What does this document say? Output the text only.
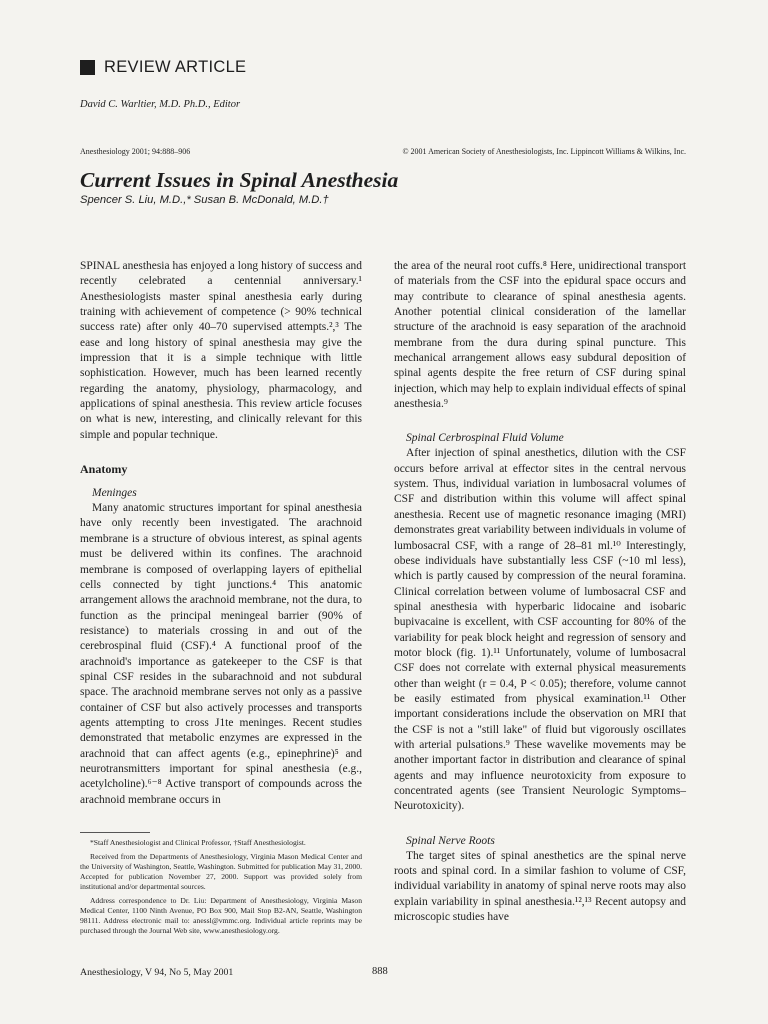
REVIEW ARTICLE
David C. Warltier, M.D. Ph.D., Editor
Anesthesiology 2001; 94:888–906	© 2001 American Society of Anesthesiologists, Inc. Lippincott Williams & Wilkins, Inc.
Current Issues in Spinal Anesthesia
Spencer S. Liu, M.D.,* Susan B. McDonald, M.D.†

SPINAL anesthesia has enjoyed a long history of success and recently celebrated a centennial anniversary.¹ Anesthesiologists master spinal anesthesia early during training with achievement of competence (> 90% technical success rate) after only 40–70 supervised attempts.²,³ The ease and long history of spinal anesthesia may give the impression that it is a simple technique with little sophistication. However, much has been learned recently regarding the anatomy, physiology, pharmacology, and applications of spinal anesthesia. This review article focuses on what is new, interesting, and clinically relevant for this simple and popular technique.

Anatomy

Meninges

Many anatomic structures important for spinal anesthesia have only recently been investigated. The arachnoid membrane is a structure of obvious interest, as spinal agents must be delivered within its confines. The arachnoid membrane is composed of overlapping layers of epithelial cells connected by tight junctions.⁴ This anatomic arrangement allows the arachnoid membrane, not the dura, to function as the principal meningeal barrier (90% of resistance) to materials crossing in and out of the cerebrospinal fluid (CSF).⁴ A functional proof of the arachnoid's importance as gatekeeper to the CSF is that spinal CSF resides in the subarachnoid and not subdural space. The arachnoid membrane serves not only as a passive container of CSF but also actively processes and transports agents attempting to cross J1te meninges. Recent studies demonstrated that metabolic enzymes are expressed in the arachnoid that can affect agents (e.g., epinephrine)⁵ and neurotransmitters important for spinal anesthesia (e.g., acetylcholine).⁶⁻⁸ Active transport of compounds across the arachnoid membrane occurs in

the area of the neural root cuffs.⁸ Here, unidirectional transport of materials from the CSF into the epidural space occurs and may contribute to clearance of spinal anesthesia agents. Another potential clinical consideration of the lamellar structure of the arachnoid is easy separation of the arachnoid membrane from the dura during spinal puncture. This mechanical arrangement allows easy subdural deposition of spinal agents despite the free return of CSF during spinal injection, which may help to explain individual effects of spinal anesthesia.⁹

Spinal Cerbrospinal Fluid Volume

After injection of spinal anesthetics, dilution with the CSF occurs before arrival at effector sites in the central nervous system. Thus, individual variation in lumbosacral volumes of CSF and distribution within this volume will affect spinal anesthesia. Recent use of magnetic resonance imaging (MRI) demonstrates great variability between individuals in volume of lumbosacral CSF, with a range of 28–81 ml.¹⁰ Interestingly, obese individuals have substantially less CSF (~10 ml less), which is partly caused by compression of the neural foramina. Clinical correlation between volume of lumbosacral CSF and spinal anesthesia with hyperbaric lidocaine and isobaric bupivacaine is excellent, with CSF accounting for 80% of the variability for peak block height and regression of sensory and motor block (fig. 1).¹¹ Unfortunately, volume of lumbosacral CSF does not correlate with external physical measurements other than weight (r = 0.4, P < 0.05); therefore, volume cannot be easily estimated from physical examination.¹¹ Other important considerations include the observation on MRI that the CSF is not a "still lake" of fluid but vigorously oscillates with arterial pulsations.⁹ These wavelike movements may be another important factor in distribution and clearance of spinal agents and may influence neurotoxicity from exposure to concentrated agents (see Transient Neurologic Symptoms–Neurotoxicity).

Spinal Nerve Roots

The target sites of spinal anesthetics are the spinal nerve roots and spinal cord. In a similar fashion to volume of CSF, individual variability in anatomy of spinal nerve roots may also explain variability in spinal anesthesia.¹²,¹³ Recent autopsy and microscopic studies have

*Staff Anesthesiologist and Clinical Professor, †Staff Anesthesiologist.

Received from the Departments of Anesthesiology, Virginia Mason Medical Center and the University of Washington, Seattle, Washington. Submitted for publication May 31, 2000. Accepted for publication November 27, 2000. Support was provided solely from institutional and/or departmental sources.

Address correspondence to Dr. Liu: Department of Anesthesiology, Virginia Mason Medical Center, 1100 Ninth Avenue, PO Box 900, Mail Stop B2-AN, Seattle, Washington 98111. Address electronic mail to: anessl@vmmc.org. Individual article reprints may be purchased through the Journal Web site, www.anesthesiology.org.

Anesthesiology, V 94, No 5, May 2001	888
